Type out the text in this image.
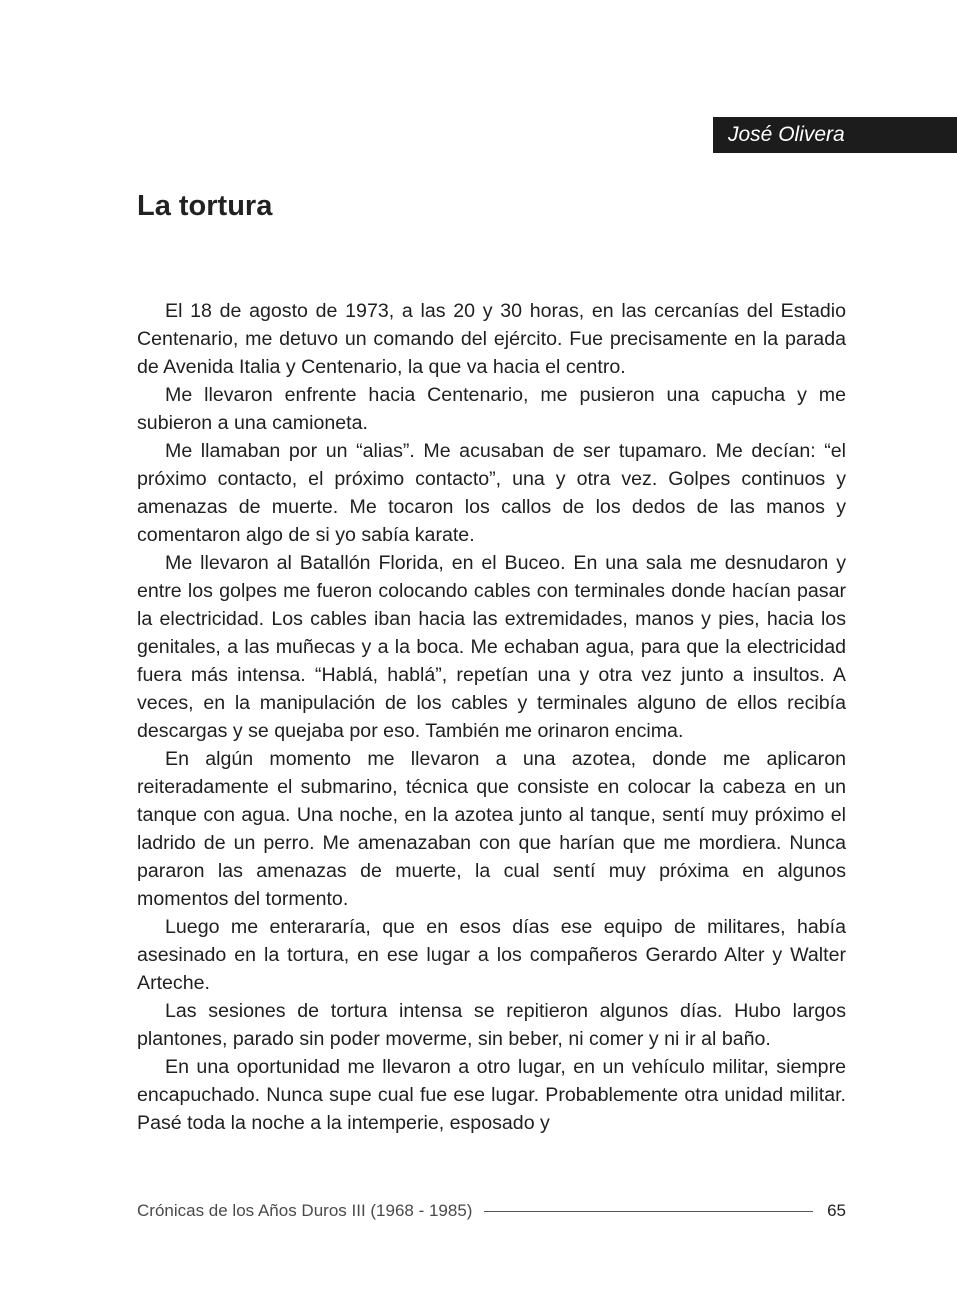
José Olivera
La tortura

El 18 de agosto de 1973, a las 20 y 30 horas, en las cercanías del Estadio Centenario, me detuvo un comando del ejército. Fue precisamente en la parada de Avenida Italia y Centenario, la que va hacia el centro.

Me llevaron enfrente hacia Centenario, me pusieron una capucha y me subieron a una camioneta.

Me llamaban por un “alias”. Me acusaban de ser tupamaro. Me decían: “el próximo contacto, el próximo contacto”, una y otra vez. Golpes continuos y amenazas de muerte. Me tocaron los callos de los dedos de las manos y comentaron algo de si yo sabía karate.

Me llevaron al Batallón Florida, en el Buceo. En una sala me desnudaron y entre los golpes me fueron colocando cables con terminales donde hacían pasar la electricidad. Los cables iban hacia las extremidades, manos y pies, hacia los genitales, a las muñecas y a la boca. Me echaban agua, para que la electricidad fuera más intensa. “Hablá, hablá”, repetían una y otra vez junto a insultos. A veces, en la manipulación de los cables y terminales alguno de ellos recibía descargas y se quejaba por eso. También me orinaron encima.

En algún momento me llevaron a una azotea, donde me aplicaron reiteradamente el submarino, técnica que consiste en colocar la cabeza en un tanque con agua. Una noche, en la azotea junto al tanque, sentí muy próximo el ladrido de un perro. Me amenazaban con que harían que me mordiera. Nunca pararon las amenazas de muerte, la cual sentí muy próxima en algunos momentos del tormento.

Luego me enterararía, que en esos días ese equipo de militares, había asesinado en la tortura, en ese lugar a los compañeros Gerardo Alter y Walter Arteche.

Las sesiones de tortura intensa se repitieron algunos días. Hubo largos plantones, parado sin poder moverme, sin beber, ni comer y ni ir al baño.

En una oportunidad me llevaron a otro lugar, en un vehículo militar, siempre encapuchado. Nunca supe cual fue ese lugar. Probablemente otra unidad militar. Pasé toda la noche a la intemperie, esposado y

Crónicas de los Años Duros III (1968 - 1985)	65
